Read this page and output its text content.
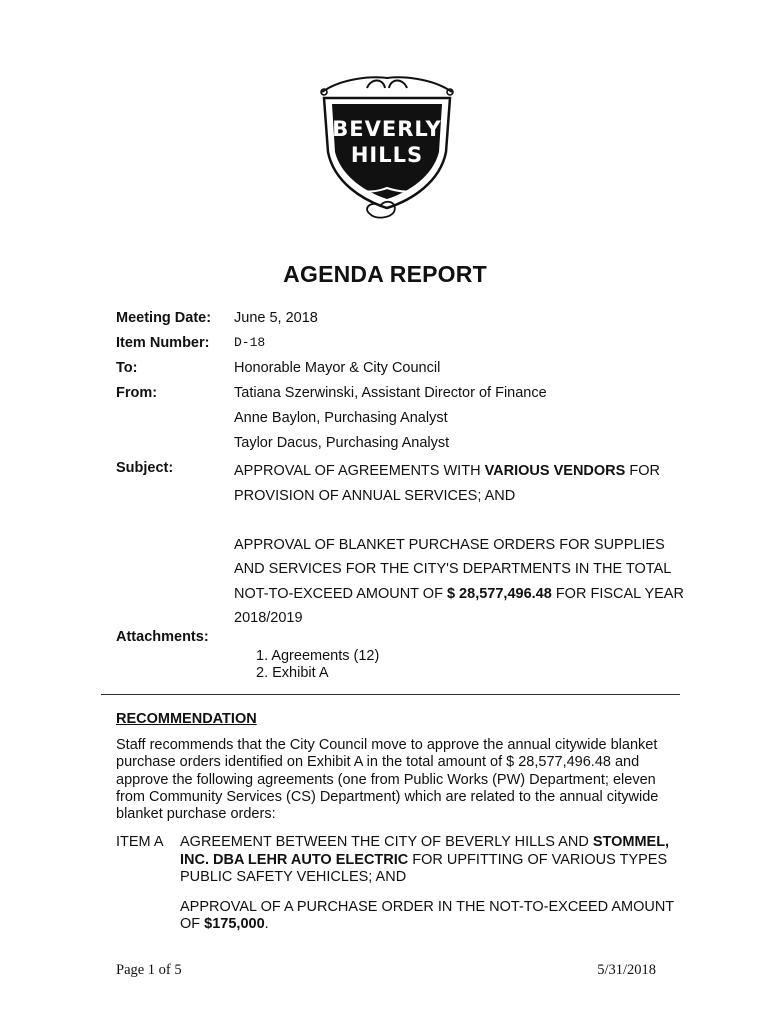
BEVERLY
HILLS
AGENDA REPORT
Meeting Date: June 5, 2018
Item Number: D-18
To:	Honorable Mayor & City Council
From:	Tatiana Szerwinski, Assistant Director of Finance
Anne Baylon, Purchasing Analyst
Taylor Dacus, Purchasing Analyst
Subject:	APPROVAL OF AGREEMENTS WITH VARIOUS VENDORS FOR PROVISION OF ANNUAL SERVICES; AND

APPROVAL OF BLANKET PURCHASE ORDERS FOR SUPPLIES AND SERVICES FOR THE CITY'S DEPARTMENTS IN THE TOTAL NOT-TO-EXCEED AMOUNT OF $ 28,577,496.48 FOR FISCAL YEAR 2018/2019

Attachments:
1. Agreements (12)
2. Exhibit A
RECOMMENDATION
Staff recommends that the City Council move to approve the annual citywide blanket purchase orders identified on Exhibit A in the total amount of $ 28,577,496.48 and approve the following agreements (one from Public Works (PW) Department; eleven from Community Services (CS) Department) which are related to the annual citywide blanket purchase orders:
ITEM A AGREEMENT BETWEEN THE CITY OF BEVERLY HILLS AND STOMMEL, INC. DBA LEHR AUTO ELECTRIC FOR UPFITTING OF VARIOUS TYPES PUBLIC SAFETY VEHICLES; AND

APPROVAL OF A PURCHASE ORDER IN THE NOT-TO-EXCEED AMOUNT OF $175,000.

Page 1 of 5	5/31/2018
